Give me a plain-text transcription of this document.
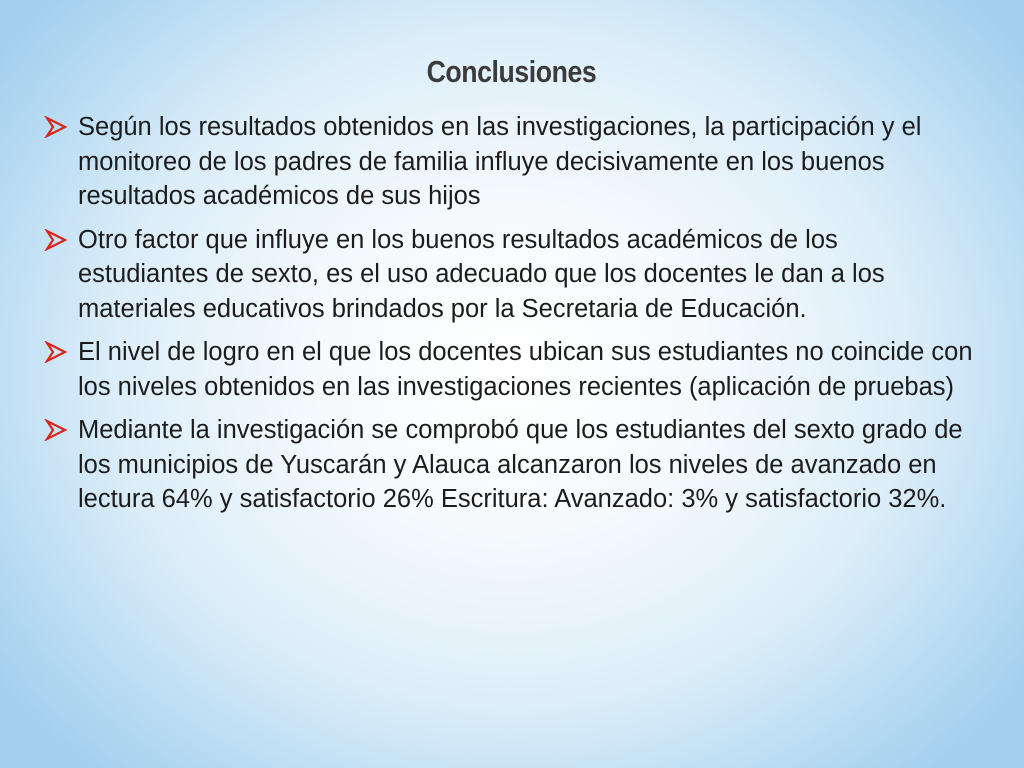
Conclusiones
Según los resultados obtenidos en las investigaciones, la participación y el monitoreo de los padres de familia influye decisivamente en los buenos resultados académicos de sus hijos
Otro factor que influye en los buenos resultados académicos de los estudiantes de sexto, es el uso adecuado que los docentes le dan a los materiales educativos brindados por la Secretaria de Educación.
El nivel de logro en el que los docentes ubican sus estudiantes no coincide con los niveles obtenidos en las investigaciones recientes (aplicación de pruebas)
Mediante la investigación se comprobó que los estudiantes del sexto grado de los municipios de Yuscarán y Alauca alcanzaron los niveles de avanzado en lectura 64% y satisfactorio 26% Escritura: Avanzado: 3% y satisfactorio 32%.
